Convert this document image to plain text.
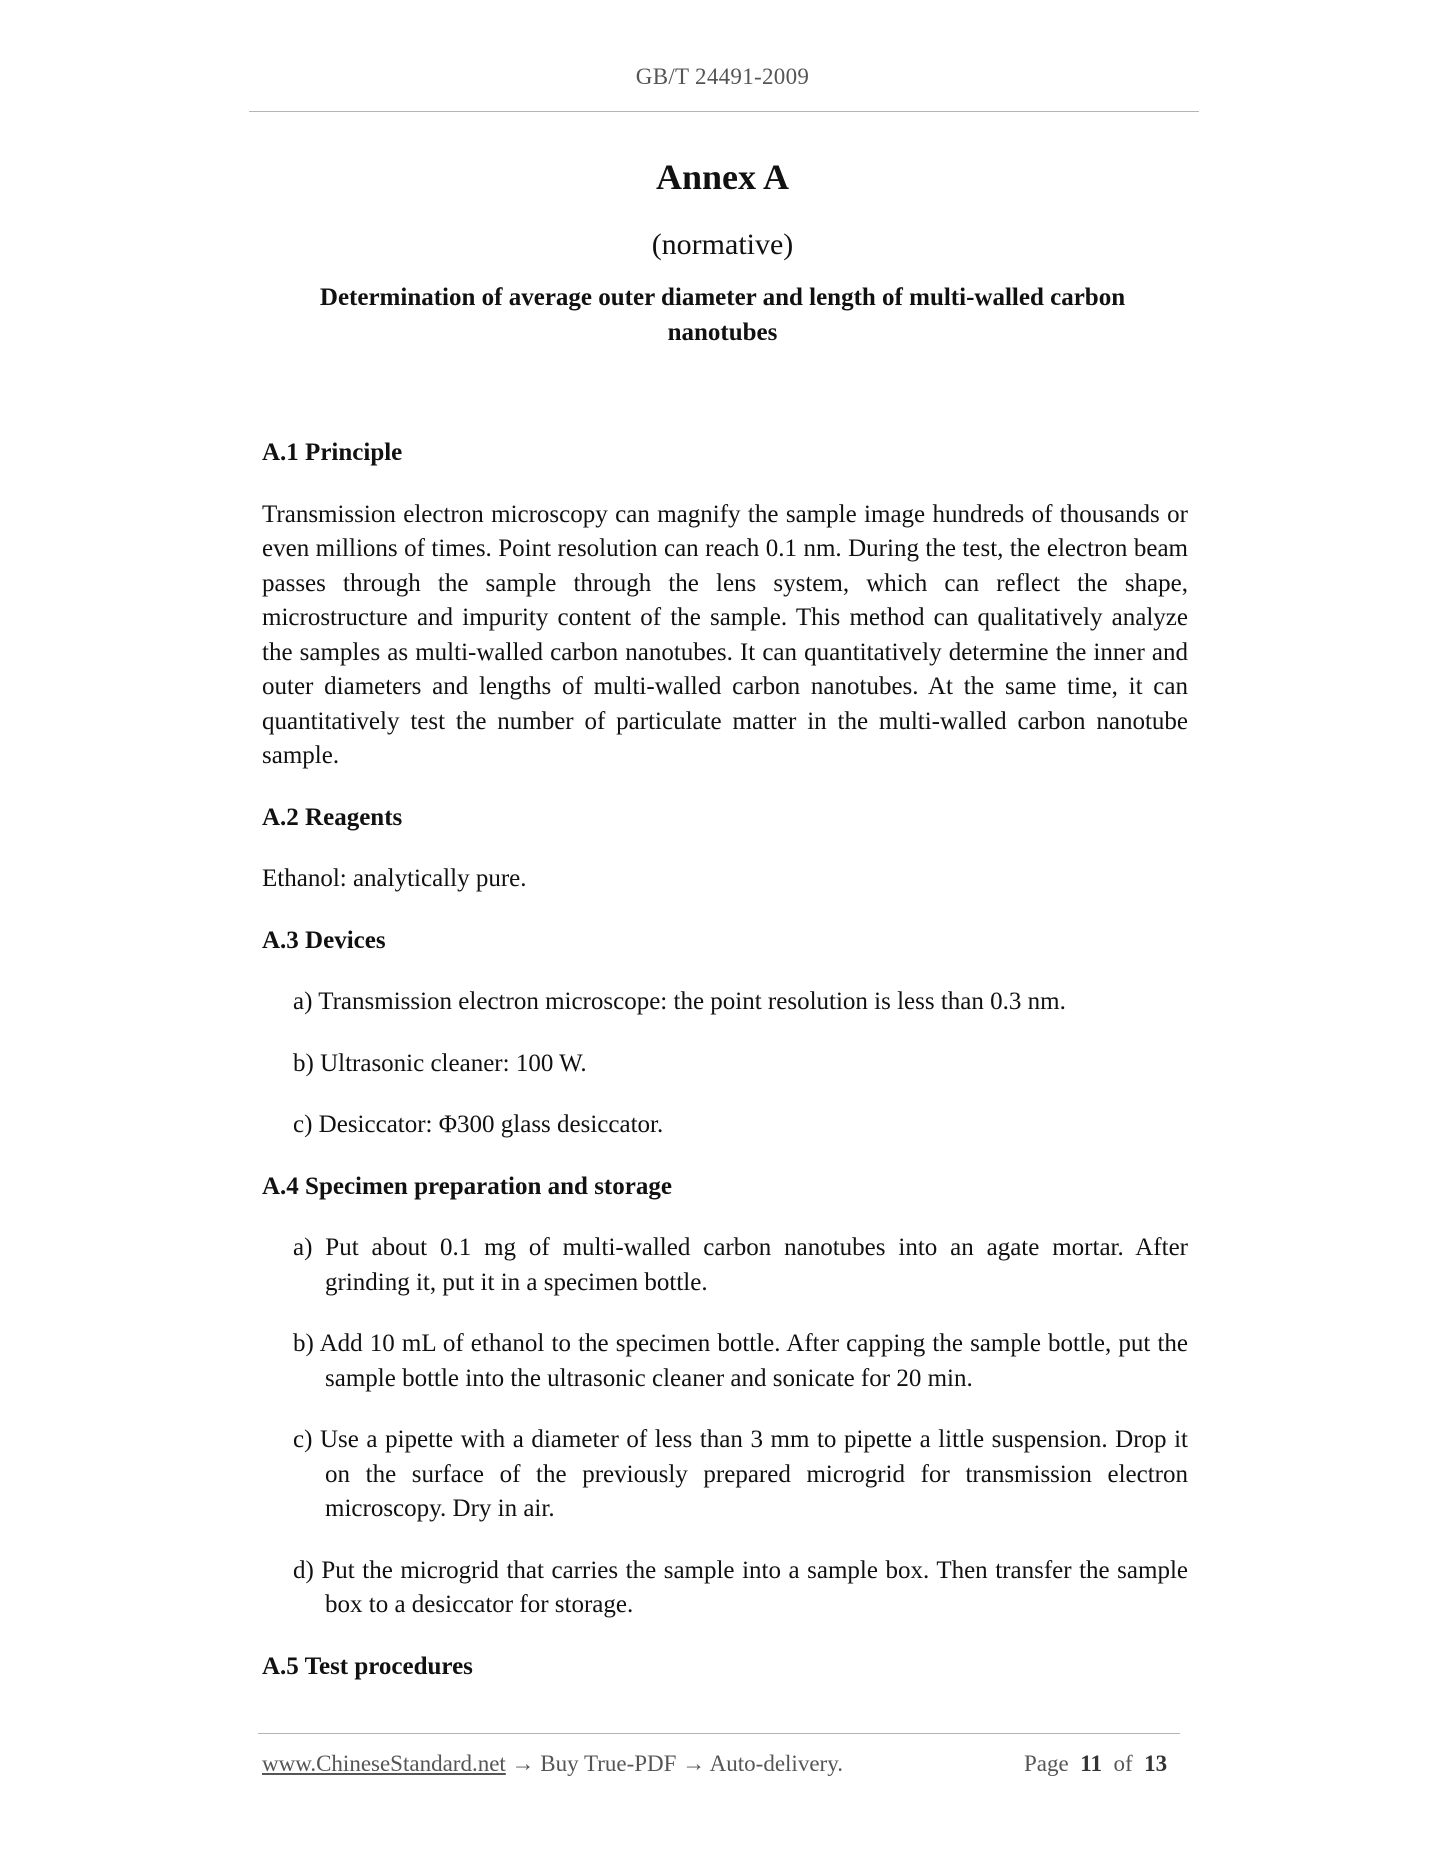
GB/T 24491-2009
Annex A
(normative)
Determination of average outer diameter and length of multi-walled carbon
nanotubes
A.1 Principle

Transmission electron microscopy can magnify the sample image hundreds of thousands or even millions of times. Point resolution can reach 0.1 nm. During the test, the electron beam passes through the sample through the lens system, which can reflect the shape, microstructure and impurity content of the sample. This method can qualitatively analyze the samples as multi-walled carbon nanotubes. It can quantitatively determine the inner and outer diameters and lengths of multi-walled carbon nanotubes. At the same time, it can quantitatively test the number of particulate matter in the multi-walled carbon nanotube sample.

A.2 Reagents

Ethanol: analytically pure.

A.3 Devices

a) Transmission electron microscope: the point resolution is less than 0.3 nm.

b) Ultrasonic cleaner: 100 W.

c) Desiccator: Φ300 glass desiccator.

A.4 Specimen preparation and storage

a) Put about 0.1 mg of multi-walled carbon nanotubes into an agate mortar. After grinding it, put it in a specimen bottle.

b) Add 10 mL of ethanol to the specimen bottle. After capping the sample bottle, put the sample bottle into the ultrasonic cleaner and sonicate for 20 min.

c) Use a pipette with a diameter of less than 3 mm to pipette a little suspension. Drop it on the surface of the previously prepared microgrid for transmission electron microscopy. Dry in air.

d) Put the microgrid that carries the sample into a sample box. Then transfer the sample box to a desiccator for storage.

A.5 Test procedures
www.ChineseStandard.net → Buy True-PDF → Auto-delivery.	Page 11 of 13
